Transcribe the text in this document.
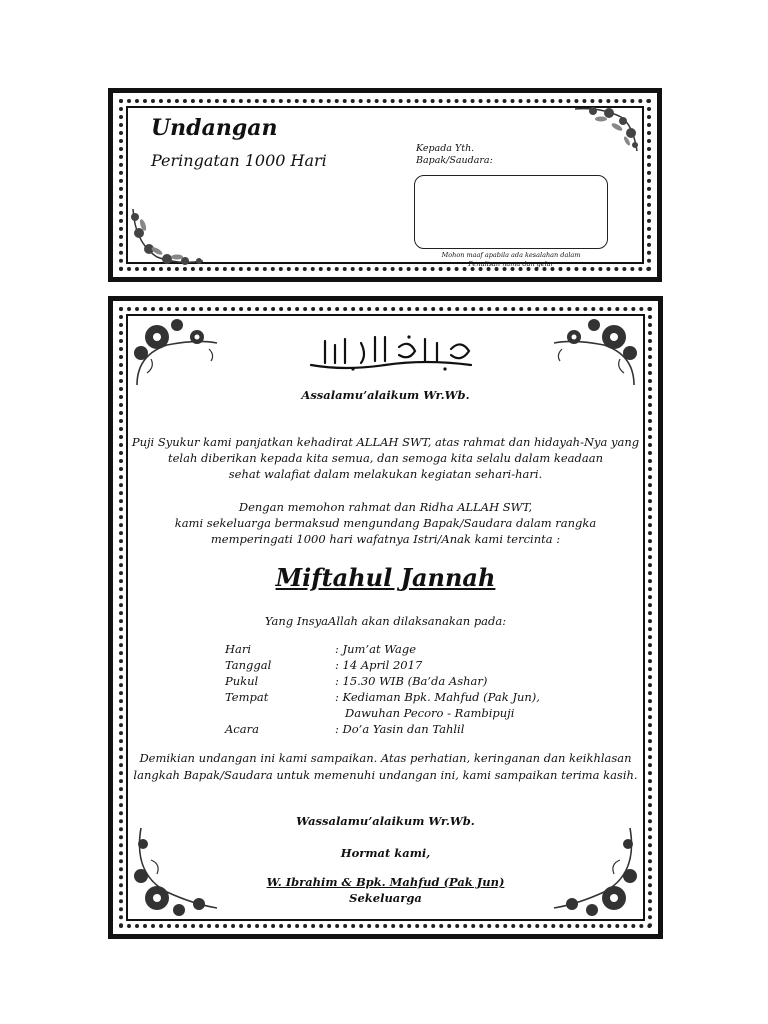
Undangan
Peringatan 1000 Hari
Kepada Yth.
Bapak/Saudara:
Mohon maaf apabila ada kesalahan dalam
Penulisan nama dan gelar
Assalamu’alaikum Wr.Wb.
Puji Syukur kami panjatkan kehadirat ALLAH SWT, atas rahmat dan hidayah-Nya yang
telah diberikan kepada kita semua, dan semoga kita selalu dalam keadaan
sehat walafiat dalam melakukan kegiatan sehari-hari.
Dengan memohon rahmat dan Ridha ALLAH SWT,
kami sekeluarga bermaksud mengundang Bapak/Saudara dalam rangka
memperingati 1000 hari wafatnya Istri/Anak kami tercinta :
Miftahul Jannah
Yang InsyaAllah akan dilaksanakan pada:
Hari	: Jum’at Wage
Tanggal	: 14 April 2017
Pukul	: 15.30 WIB (Ba’da Ashar)
Tempat	: Kediaman Bpk. Mahfud (Pak Jun),
Dawuhan Pecoro - Rambipuji
Acara	: Do’a Yasin dan Tahlil
Demikian undangan ini kami sampaikan. Atas perhatian, keringanan dan keikhlasan
langkah Bapak/Saudara untuk memenuhi undangan ini, kami sampaikan terima kasih.
Wassalamu’alaikum Wr.Wb.
Hormat kami,
W. Ibrahim & Bpk. Mahfud (Pak Jun)
Sekeluarga
